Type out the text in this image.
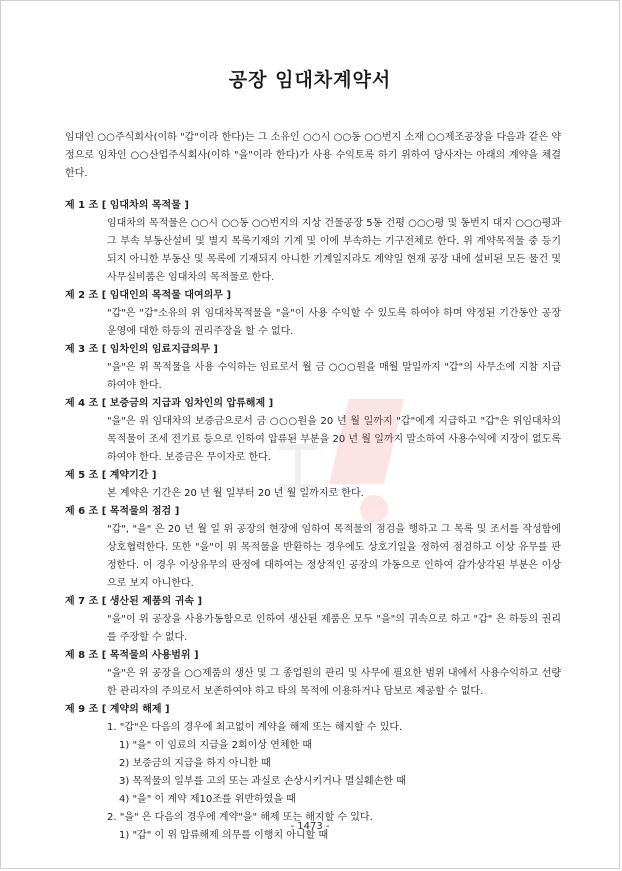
공장 임대차계약서

임대인 ○○주식회사(이하 "갑"이라 한다)는 그 소유인 ○○시 ○○동 ○○번지 소재 ○○제조공장을 다음과 같은 약정으로 임차인 ○○산업주식회사(이하 "을"이라 한다)가 사용 수익토록 하기 위하여 당사자는 아래의 계약을 체결한다.

제 1 조 [ 임대차의 목적물 ]

임대차의 목적물은 ○○시 ○○동 ○○번지의 지상 건물공장 5동 건평 ○○○평 및 동번지 대지 ○○○평과 그 부속 부동산설비 및 별지 목록기재의 기계 및 이에 부속하는 기구전체로 한다. 위 계약목적물 중 등기되지 아니한 부동산 및 목록에 기재되지 아니한 기계일지라도 계약일 현재 공장 내에 설비된 모든 물건 및 사무실비품은 임대차의 목적물로 한다.

제 2 조 [ 임대인의 목적물 대여의무 ]

"갑"은 "갑"소유의 위 임대차목적물을 "을"이 사용 수익할 수 있도록 하여야 하며 약정된 기간동안 공장운영에 대한 하등의 권리주장을 할 수 없다.

제 3 조 [ 임차인의 임료지급의무 ]

"을"은 위 목적물을 사용 수익하는 임료로서 월 금 ○○○원을 매월 말일까지 "갑"의 사무소에 지참 지급하여야 한다.

제 4 조 [ 보증금의 지급과 임차인의 압류해제 ]

"을"은 위 임대차의 보증금으로서 금 ○○○원을 20 년 월 일까지 "갑"에게 지급하고 "갑"은 위임대차의 목적물이 조세 전기료 등으로 인하여 압류된 부분을 20 년 월 일까지 말소하여 사용수익에 지장이 없도록 하여야 한다. 보증금은 무이자로 한다.

제 5 조 [ 계약기간 ]

본 계약은 기간은 20 년 월 일부터 20 년 월 일까지로 한다.

제 6 조 [ 목적물의 점검 ]

"갑", "을" 은 20 년 월 일 위 공장의 현장에 임하여 목적물의 점검을 행하고 그 목록 및 조서를 작성함에 상호협력한다. 또한 "을"이 위 목적물을 반환하는 경우에도 상호기일을 정하여 점검하고 이상 유무를 판정한다. 이 경우 이상유무의 판정에 대하여는 정상적인 공장의 가동으로 인하여 감가상각된 부분은 이상으로 보지 아니한다.

제 7 조 [ 생산된 제품의 귀속 ]

"을"이 위 공장을 사용가동함으로 인하여 생산된 제품은 모두 "을"의 귀속으로 하고 "갑" 은 하등의 권리를 주장할 수 없다.

제 8 조 [ 목적물의 사용범위 ]

"을"은 위 공장을 ○○제품의 생산 및 그 종업원의 관리 및 사무에 필요한 범위 내에서 사용수익하고 선량한 관리자의 주의로서 보존하여야 하고 타의 목적에 이용하거나 담보로 제공할 수 없다.

제 9 조 [ 계약의 해제 ]

1. "갑"은 다음의 경우에 최고없이 계약을 해제 또는 해지할 수 있다.
1) "을" 이 임료의 지급을 2회이상 연체한 때
2) 보증금의 지급을 하지 아니한 때
3) 목적물의 일부를 고의 또는 과실로 손상시키거나 멸실훼손한 때
4) "을" 이 계약 제10조를 위반하였을 때
2. "을" 은 다음의 경우에 계약"을" 해제 또는 해지할 수 있다.
1) "갑" 이 위 압류해제 의무를 이행치 아니할 때
- 1473 -
